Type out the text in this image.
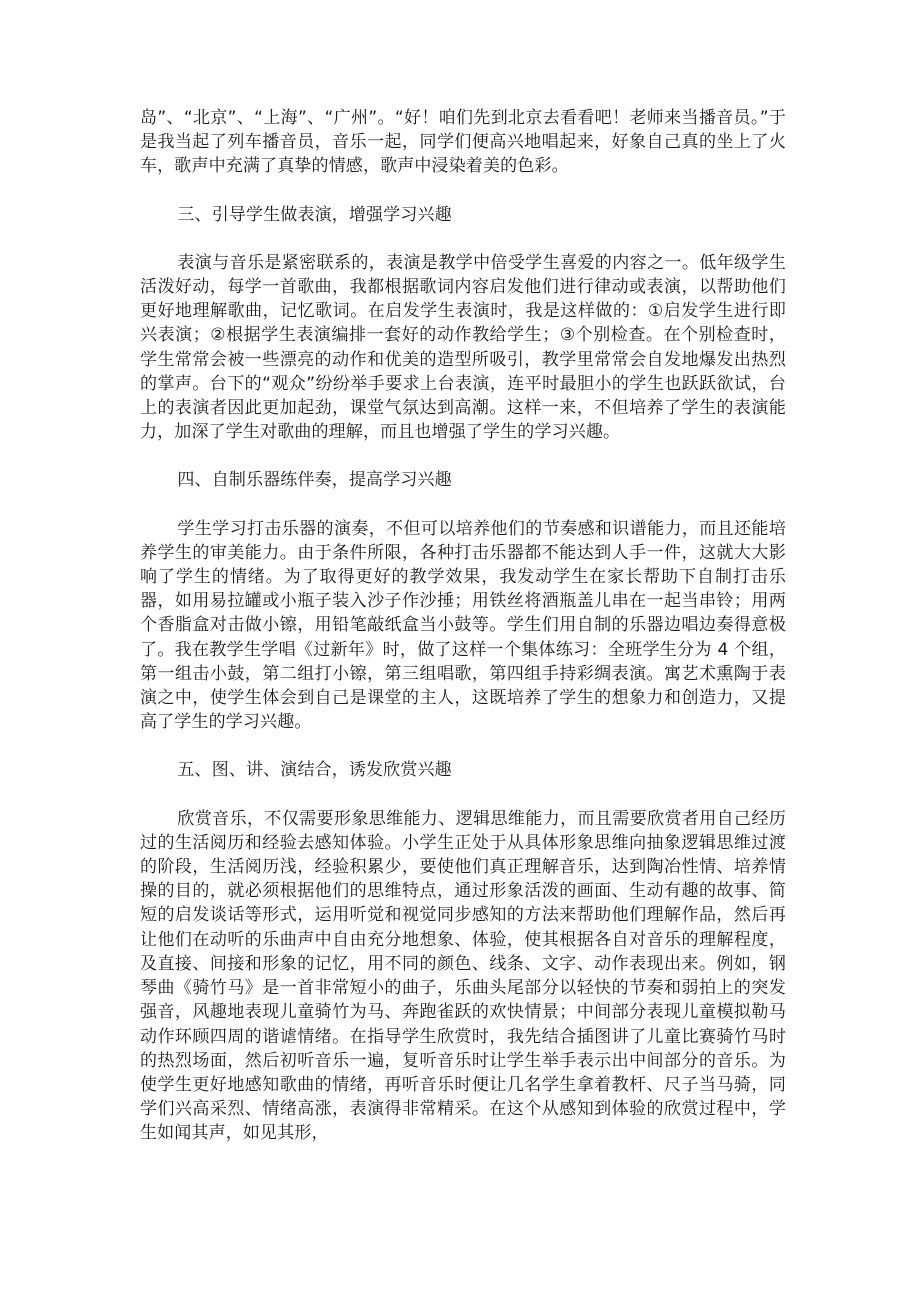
岛”、“北京”、“上海”、“广州”。“好！咱们先到北京去看看吧！老师来当播音员。”于是我当起了列车播音员，音乐一起，同学们便高兴地唱起来，好象自己真的坐上了火车，歌声中充满了真挚的情感，歌声中浸染着美的色彩。

三、引导学生做表演，增强学习兴趣

表演与音乐是紧密联系的，表演是教学中倍受学生喜爱的内容之一。低年级学生活泼好动，每学一首歌曲，我都根据歌词内容启发他们进行律动或表演，以帮助他们更好地理解歌曲，记忆歌词。在启发学生表演时，我是这样做的：①启发学生进行即兴表演；②根据学生表演编排一套好的动作教给学生；③个别检查。在个别检查时，学生常常会被一些漂亮的动作和优美的造型所吸引，教学里常常会自发地爆发出热烈的掌声。台下的“观众”纷纷举手要求上台表演，连平时最胆小的学生也跃跃欲试，台上的表演者因此更加起劲，课堂气氛达到高潮。这样一来，不但培养了学生的表演能力，加深了学生对歌曲的理解，而且也增强了学生的学习兴趣。

四、自制乐器练伴奏，提高学习兴趣

学生学习打击乐器的演奏，不但可以培养他们的节奏感和识谱能力，而且还能培养学生的审美能力。由于条件所限，各种打击乐器都不能达到人手一件，这就大大影响了学生的情绪。为了取得更好的教学效果，我发动学生在家长帮助下自制打击乐器，如用易拉罐或小瓶子装入沙子作沙捶；用铁丝将酒瓶盖儿串在一起当串铃；用两个香脂盒对击做小镲，用铅笔敲纸盒当小鼓等。学生们用自制的乐器边唱边奏得意极了。我在教学生学唱《过新年》时，做了这样一个集体练习：全班学生分为 4 个组，第一组击小鼓，第二组打小镲，第三组唱歌，第四组手持彩绸表演。寓艺术熏陶于表演之中，使学生体会到自己是课堂的主人，这既培养了学生的想象力和创造力，又提高了学生的学习兴趣。

五、图、讲、演结合，诱发欣赏兴趣

欣赏音乐，不仅需要形象思维能力、逻辑思维能力，而且需要欣赏者用自己经历过的生活阅历和经验去感知体验。小学生正处于从具体形象思维向抽象逻辑思维过渡的阶段，生活阅历浅，经验积累少，要使他们真正理解音乐，达到陶冶性情、培养情操的目的，就必须根据他们的思维特点，通过形象活泼的画面、生动有趣的故事、简短的启发谈话等形式，运用听觉和视觉同步感知的方法来帮助他们理解作品，然后再让他们在动听的乐曲声中自由充分地想象、体验，使其根据各自对音乐的理解程度，及直接、间接和形象的记忆，用不同的颜色、线条、文字、动作表现出来。例如，钢琴曲《骑竹马》是一首非常短小的曲子，乐曲头尾部分以轻快的节奏和弱拍上的突发强音，风趣地表现儿童骑竹为马、奔跑雀跃的欢快情景；中间部分表现儿童模拟勒马动作环顾四周的谐谑情绪。在指导学生欣赏时，我先结合插图讲了儿童比赛骑竹马时的热烈场面，然后初听音乐一遍，复听音乐时让学生举手表示出中间部分的音乐。为使学生更好地感知歌曲的情绪，再听音乐时便让几名学生拿着教杆、尺子当马骑，同学们兴高采烈、情绪高涨，表演得非常精采。在这个从感知到体验的欣赏过程中，学生如闻其声，如见其形，
